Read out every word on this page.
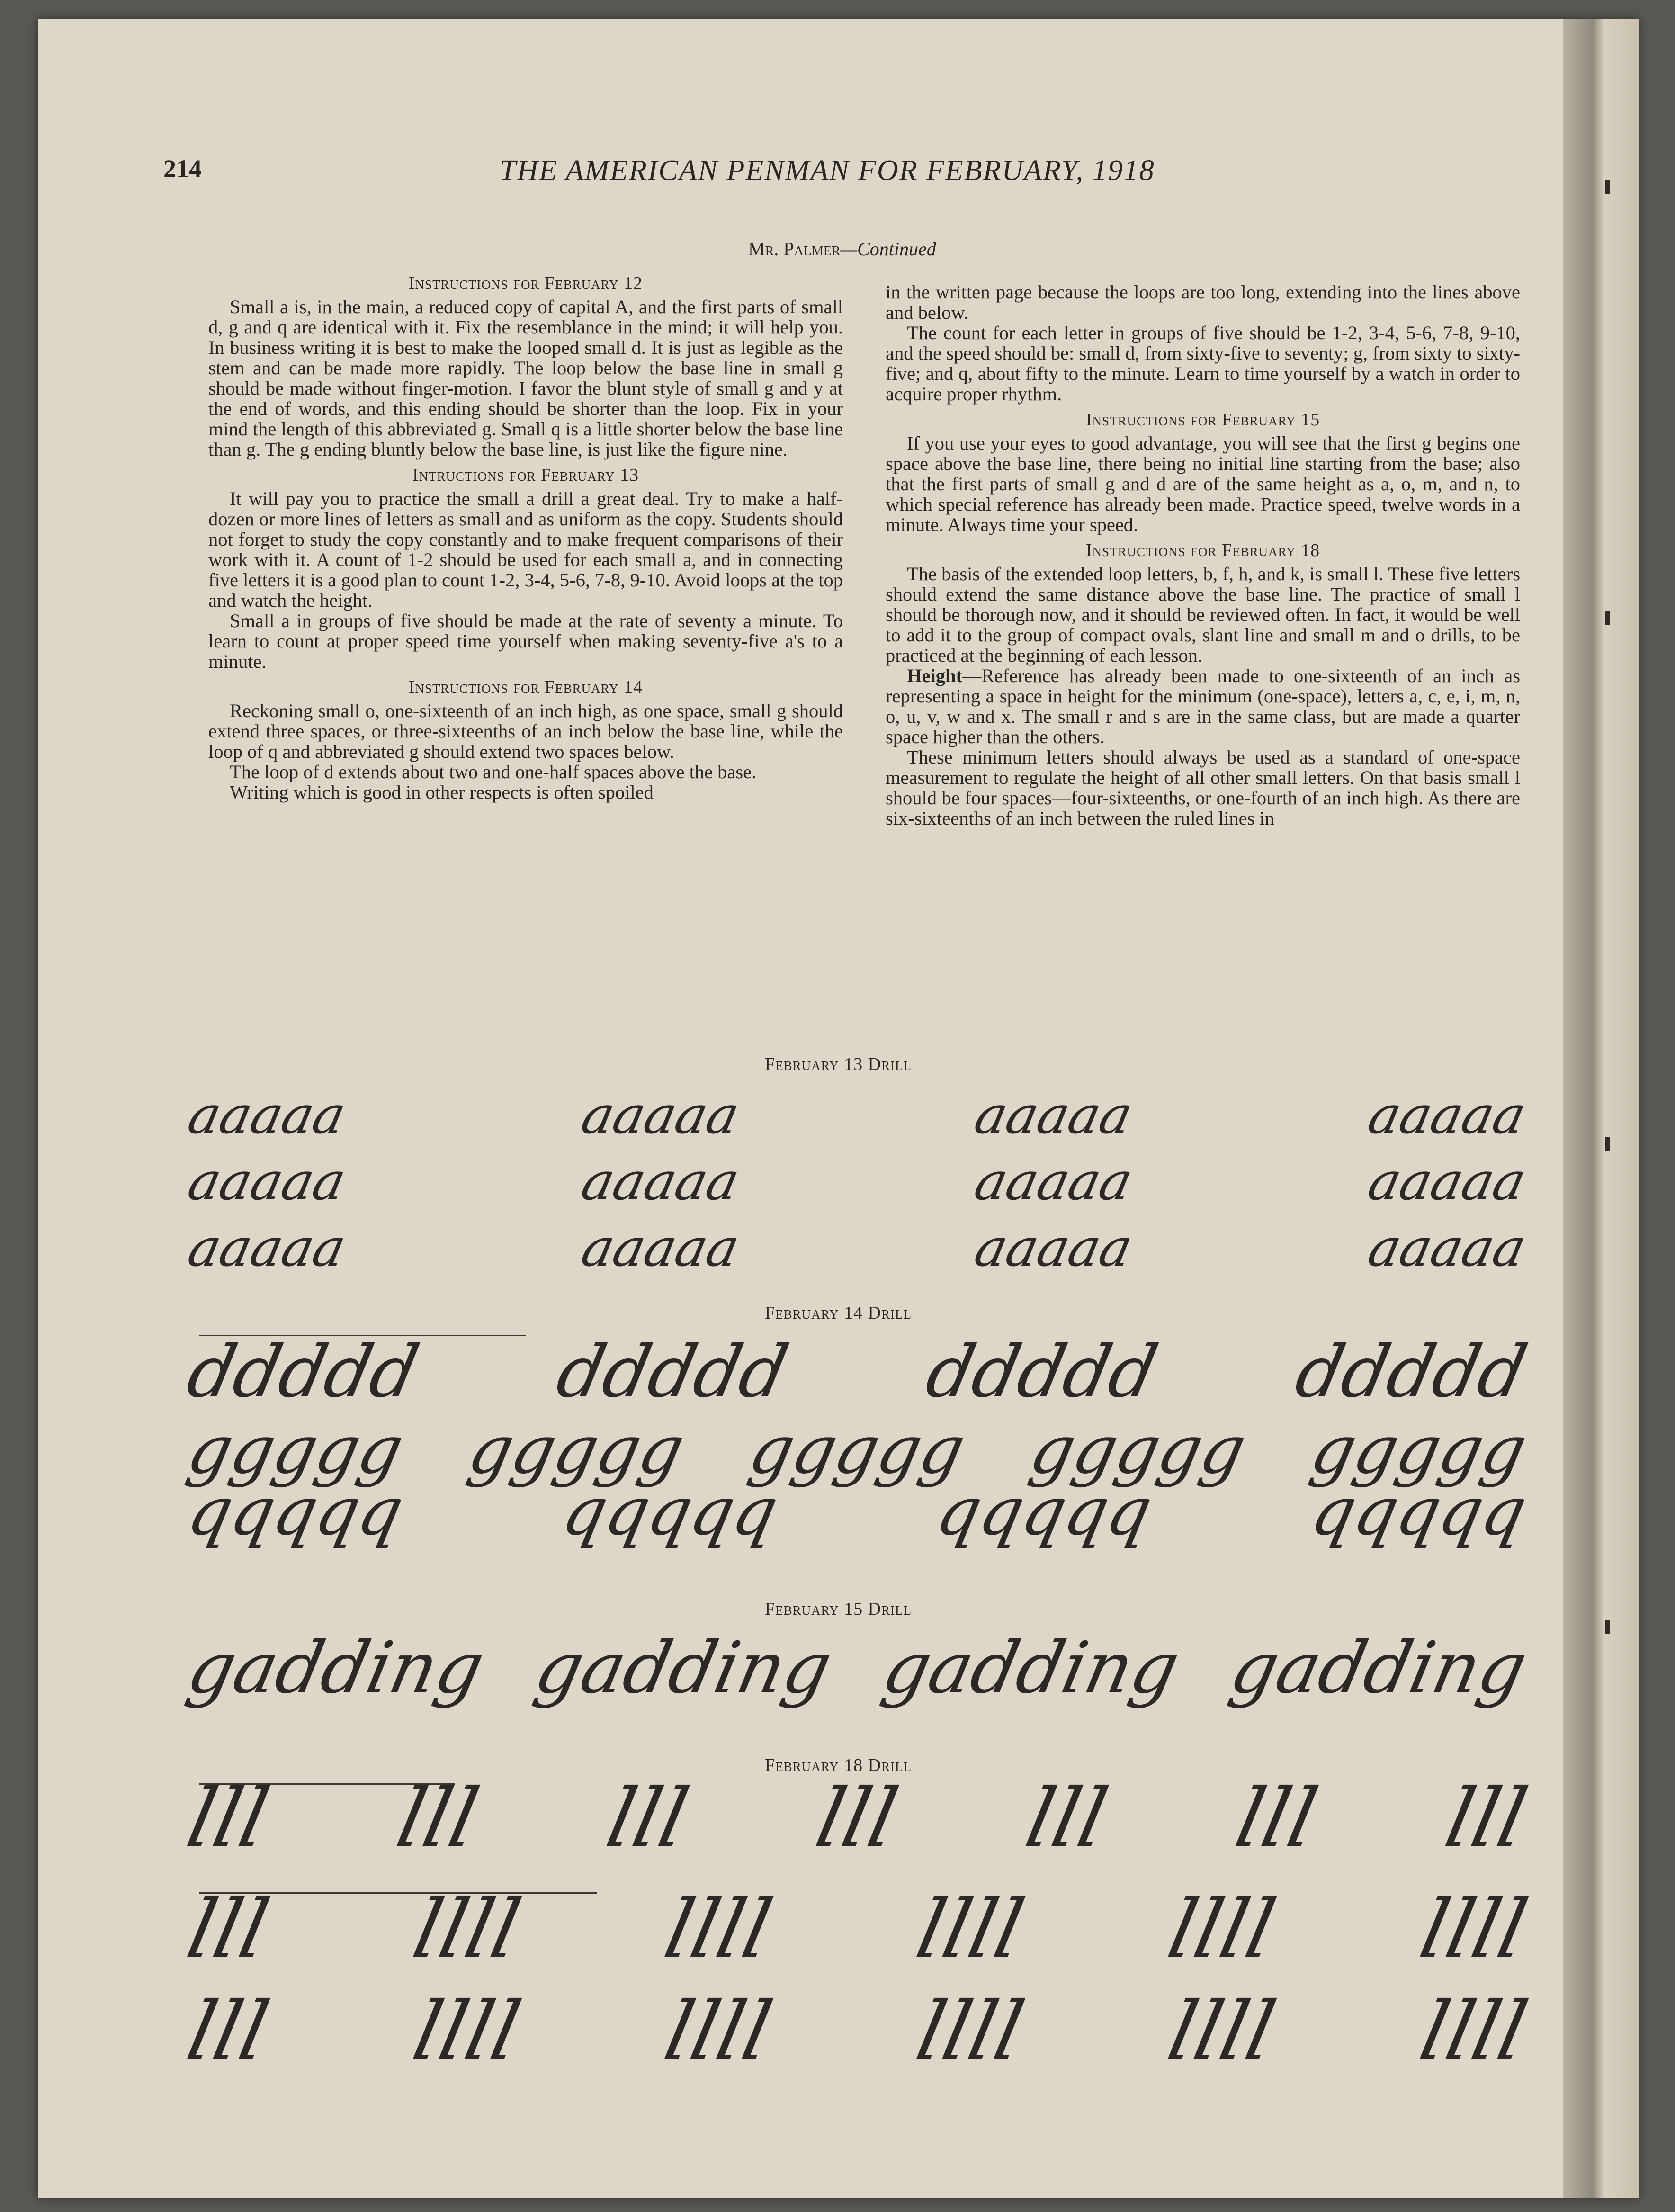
214	THE AMERICAN PENMAN FOR FEBRUARY, 1918
Mr. Palmer—Continued
Instructions for February 12

Small a is, in the main, a reduced copy of capital A, and the first parts of small d, g and q are identical with it. Fix the resemblance in the mind; it will help you. In business writing it is best to make the looped small d. It is just as legible as the stem and can be made more rapidly. The loop below the base line in small g should be made without finger-motion. I favor the blunt style of small g and y at the end of words, and this ending should be shorter than the loop. Fix in your mind the length of this abbreviated g. Small q is a little shorter below the base line than g. The g ending bluntly below the base line, is just like the figure nine.

Intructions for February 13

It will pay you to practice the small a drill a great deal. Try to make a half-dozen or more lines of letters as small and as uniform as the copy. Students should not forget to study the copy constantly and to make frequent comparisons of their work with it. A count of 1-2 should be used for each small a, and in connecting five letters it is a good plan to count 1-2, 3-4, 5-6, 7-8, 9-10. Avoid loops at the top and watch the height.

Small a in groups of five should be made at the rate of seventy a minute. To learn to count at proper speed time yourself when making seventy-five a's to a minute.

Instructions for February 14

Reckoning small o, one-sixteenth of an inch high, as one space, small g should extend three spaces, or three-sixteenths of an inch below the base line, while the loop of q and abbreviated g should extend two spaces below.

The loop of d extends about two and one-half spaces above the base.

Writing which is good in other respects is often spoiled

in the written page because the loops are too long, extending into the lines above and below.

The count for each letter in groups of five should be 1-2, 3-4, 5-6, 7-8, 9-10, and the speed should be: small d, from sixty-five to seventy; g, from sixty to sixty-five; and q, about fifty to the minute. Learn to time yourself by a watch in order to acquire proper rhythm.

Instructions for February 15

If you use your eyes to good advantage, you will see that the first g begins one space above the base line, there being no initial line starting from the base; also that the first parts of small g and d are of the same height as a, o, m, and n, to which special reference has already been made. Practice speed, twelve words in a minute. Always time your speed.

Instructions for February 18

The basis of the extended loop letters, b, f, h, and k, is small l. These five letters should extend the same distance above the base line. The practice of small l should be thorough now, and it should be reviewed often. In fact, it would be well to add it to the group of compact ovals, slant line and small m and o drills, to be practiced at the beginning of each lesson.

Height—Reference has already been made to one-sixteenth of an inch as representing a space in height for the minimum (one-space), letters a, c, e, i, m, n, o, u, v, w and x. The small r and s are in the same class, but are made a quarter space higher than the others.

These minimum letters should always be used as a standard of one-space measurement to regulate the height of all other small letters. On that basis small l should be four spaces—four-sixteenths, or one-fourth of an inch high. As there are six-sixteenths of an inch between the ruled lines in

February 13 Drill
February 14 Drill
February 15 Drill
February 18 Drill
aaaaa	aaaaa	aaaaa	aaaaa
aaaaa	aaaaa	aaaaa	aaaaa
aaaaa	aaaaa	aaaaa	aaaaa
ddddd ddddd ddddd ddddd
ggggg ggggg ggggg ggggg ggggg
qqqqq qqqqq qqqqq qqqqq
gadding gadding gadding gadding
lll lll lll lll lll lll lll
lll llll llll llll llll llll
lll llll llll llll llll llll
